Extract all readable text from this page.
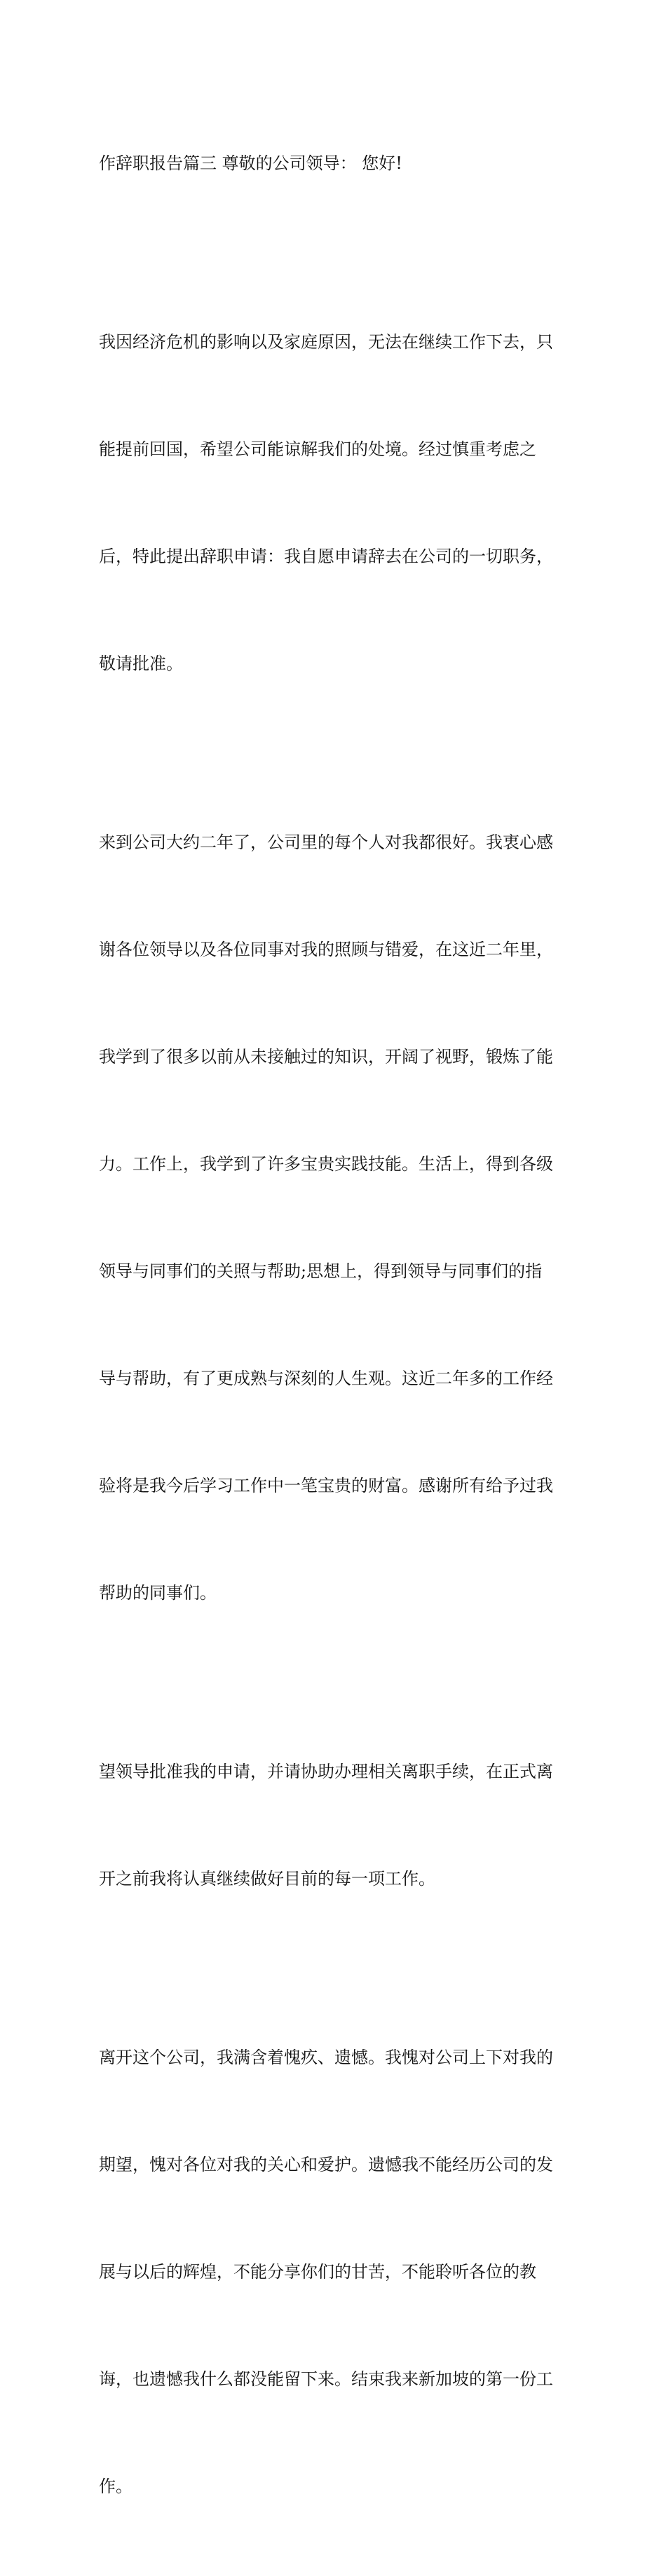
作辞职报告篇三 尊敬的公司领导： 您好!

我因经济危机的影响以及家庭原因，无法在继续工作下去，只

能提前回国，希望公司能谅解我们的处境。经过慎重考虑之

后，特此提出辞职申请：我自愿申请辞去在公司的一切职务，

敬请批准。

来到公司大约二年了，公司里的每个人对我都很好。我衷心感

谢各位领导以及各位同事对我的照顾与错爱，在这近二年里，

我学到了很多以前从未接触过的知识，开阔了视野，锻炼了能

力。工作上，我学到了许多宝贵实践技能。生活上，得到各级

领导与同事们的关照与帮助;思想上，得到领导与同事们的指

导与帮助，有了更成熟与深刻的人生观。这近二年多的工作经

验将是我今后学习工作中一笔宝贵的财富。感谢所有给予过我

帮助的同事们。

望领导批准我的申请，并请协助办理相关离职手续，在正式离

开之前我将认真继续做好目前的每一项工作。

离开这个公司，我满含着愧疚、遗憾。我愧对公司上下对我的

期望，愧对各位对我的关心和爱护。遗憾我不能经历公司的发

展与以后的辉煌，不能分享你们的甘苦，不能聆听各位的教

诲，也遗憾我什么都没能留下来。结束我来新加坡的第一份工

作。
